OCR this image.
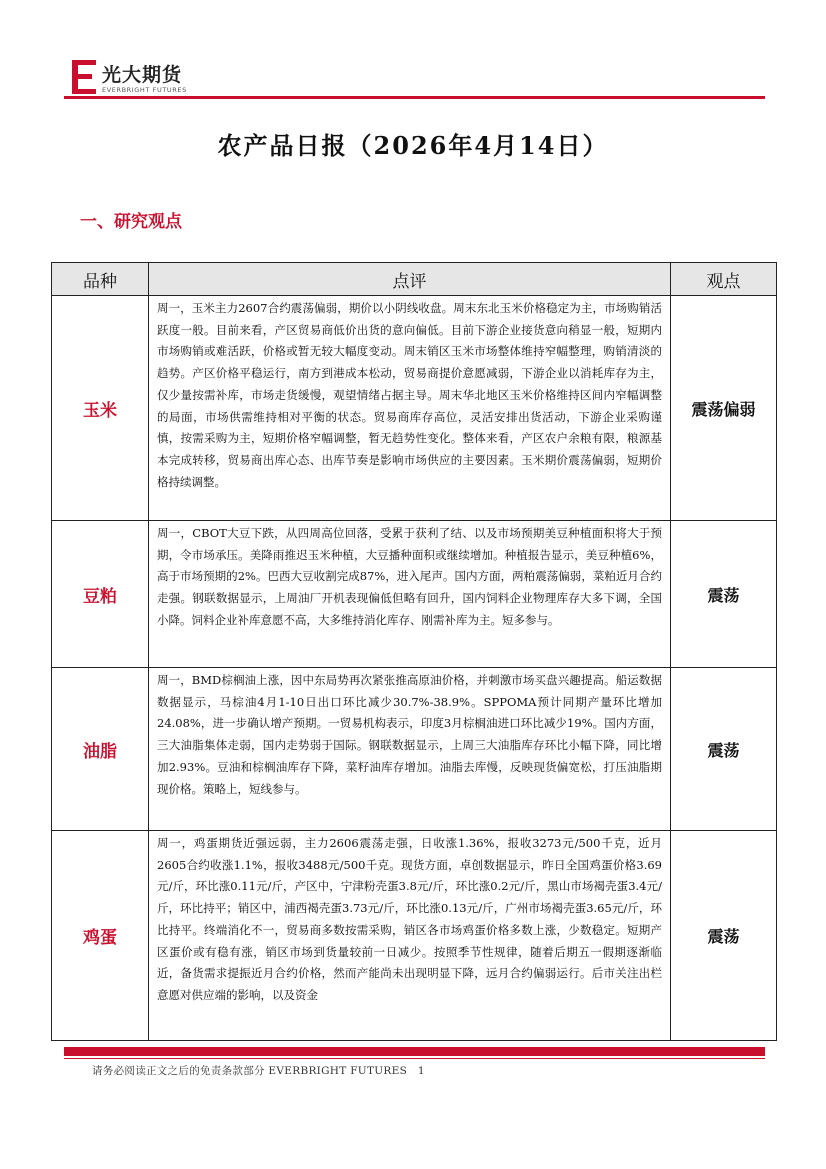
光大期货
EVERBRIGHT FUTURES
农产品日报（2026年4月14日）
一、研究观点
品种	点评	观点
玉米	周一，玉米主力2607合约震荡偏弱，期价以小阴线收盘。周末东北玉米价格稳定为主，市场购销活跃度一般。目前来看，产区贸易商低价出货的意向偏低。目前下游企业接货意向稍显一般，短期内市场购销或难活跃，价格或暂无较大幅度变动。周末销区玉米市场整体维持窄幅整理，购销清淡的趋势。产区价格平稳运行，南方到港成本松动，贸易商提价意愿减弱，下游企业以消耗库存为主，仅少量按需补库，市场走货缓慢，观望情绪占据主导。周末华北地区玉米价格维持区间内窄幅调整的局面，市场供需维持相对平衡的状态。贸易商库存高位，灵活安排出货活动，下游企业采购谨慎，按需采购为主，短期价格窄幅调整，暂无趋势性变化。整体来看，产区农户余粮有限，粮源基本完成转移，贸易商出库心态、出库节奏是影响市场供应的主要因素。玉米期价震荡偏弱，短期价格持续调整。	震荡偏弱
豆粕	周一，CBOT大豆下跌，从四周高位回落，受累于获利了结、以及市场预期美豆种植面积将大于预期，令市场承压。美降雨推迟玉米种植，大豆播种面积或继续增加。种植报告显示，美豆种植6%，高于市场预期的2%。巴西大豆收割完成87%，进入尾声。国内方面，两粕震荡偏弱，菜粕近月合约走强。钢联数据显示，上周油厂开机表现偏低但略有回升，国内饲料企业物理库存大多下调，全国小降。饲料企业补库意愿不高，大多维持消化库存、刚需补库为主。短多参与。	震荡
油脂	周一，BMD棕榈油上涨，因中东局势再次紧张推高原油价格，并刺激市场买盘兴趣提高。船运数据数据显示，马棕油4月1-10日出口环比减少30.7%-38.9%。SPPOMA预计同期产量环比增加24.08%，进一步确认增产预期。一贸易机构表示，印度3月棕榈油进口环比减少19%。国内方面，三大油脂集体走弱，国内走势弱于国际。钢联数据显示，上周三大油脂库存环比小幅下降，同比增加2.93%。豆油和棕榈油库存下降，菜籽油库存增加。油脂去库慢，反映现货偏宽松，打压油脂期现价格。策略上，短线参与。	震荡
鸡蛋	周一，鸡蛋期货近强远弱，主力2606震荡走强，日收涨1.36%，报收3273元/500千克，近月2605合约收涨1.1%，报收3488元/500千克。现货方面，卓创数据显示，昨日全国鸡蛋价格3.69元/斤，环比涨0.11元/斤，产区中，宁津粉壳蛋3.8元/斤，环比涨0.2元/斤，黑山市场褐壳蛋3.4元/斤，环比持平；销区中，浦西褐壳蛋3.73元/斤，环比涨0.13元/斤，广州市场褐壳蛋3.65元/斤，环比持平。终端消化不一，贸易商多数按需采购，销区各市场鸡蛋价格多数上涨，少数稳定。短期产区蛋价或有稳有涨，销区市场到货量较前一日减少。按照季节性规律，随着后期五一假期逐渐临近，备货需求提振近月合约价格，然而产能尚未出现明显下降，远月合约偏弱运行。后市关注出栏意愿对供应端的影响，以及资金	震荡
请务必阅读正文之后的免责条款部分 EVERBRIGHT FUTURES　1
